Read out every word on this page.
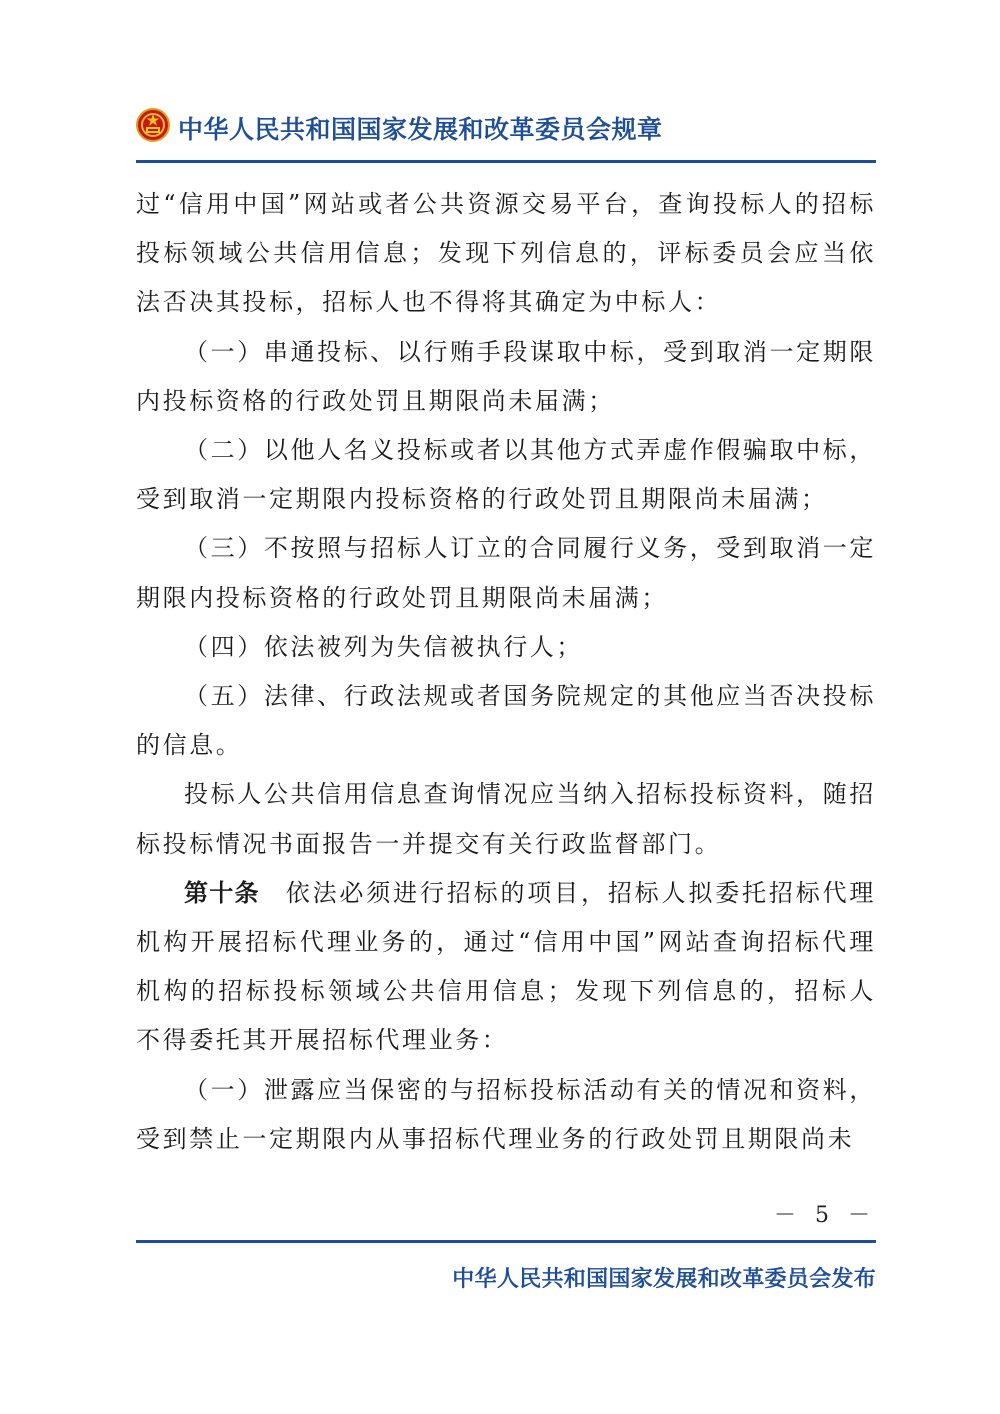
中华人民共和国国家发展和改革委员会规章

过“信用中国”网站或者公共资源交易平台，查询投标人的招标投标领域公共信用信息；发现下列信息的，评标委员会应当依法否决其投标，招标人也不得将其确定为中标人：

（一）串通投标、以行贿手段谋取中标，受到取消一定期限内投标资格的行政处罚且期限尚未届满；

（二）以他人名义投标或者以其他方式弄虚作假骗取中标，受到取消一定期限内投标资格的行政处罚且期限尚未届满；

（三）不按照与招标人订立的合同履行义务，受到取消一定期限内投标资格的行政处罚且期限尚未届满；

（四）依法被列为失信被执行人；

（五）法律、行政法规或者国务院规定的其他应当否决投标的信息。

投标人公共信用信息查询情况应当纳入招标投标资料，随招标投标情况书面报告一并提交有关行政监督部门。

第十条 依法必须进行招标的项目，招标人拟委托招标代理机构开展招标代理业务的，通过“信用中国”网站查询招标代理机构的招标投标领域公共信用信息；发现下列信息的，招标人不得委托其开展招标代理业务：

（一）泄露应当保密的与招标投标活动有关的情况和资料，受到禁止一定期限内从事招标代理业务的行政处罚且期限尚未

－ 5 －
中华人民共和国国家发展和改革委员会发布
